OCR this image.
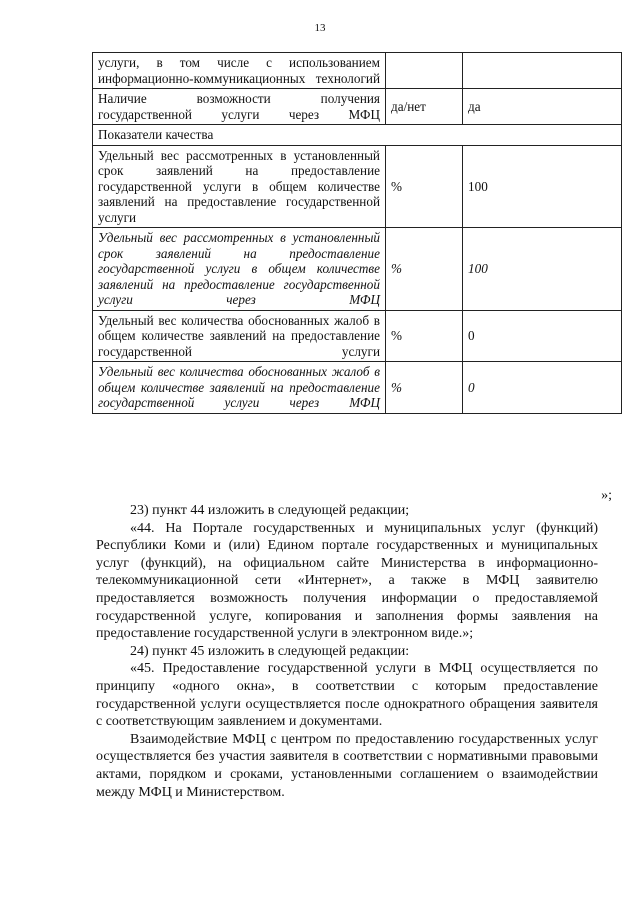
13
услуги, в том числе с использованием информационно-коммуникационных технологий		
Наличие возможности получения государственной услуги через МФЦ	да/нет	да
Показатели качества		
Удельный вес рассмотренных в установленный срок заявлений на предоставление государственной услуги в общем количестве заявлений на предоставление государственной услуги	%	100
Удельный вес рассмотренных в установленный срок заявлений на предоставление государственной услуги в общем количестве заявлений на предоставление государственной услуги через МФЦ	%	100
Удельный вес количества обоснованных жалоб в общем количестве заявлений на предоставление государственной услуги	%	0
Удельный вес количества обоснованных жалоб в общем количестве заявлений на предоставление государственной услуги через МФЦ	%	0
»;

23) пункт 44 изложить в следующей редакции;

«44. На Портале государственных и муниципальных услуг (функций) Республики Коми и (или) Едином портале государственных и муниципальных услуг (функций), на официальном сайте Министерства в информационно-телекоммуникационной сети «Интернет», а также в МФЦ заявителю предоставляется возможность получения информации о предоставляемой государственной услуге, копирования и заполнения формы заявления на предоставление государственной услуги в электронном виде.»;

24) пункт 45 изложить в следующей редакции:

«45. Предоставление государственной услуги в МФЦ осуществляется по принципу «одного окна», в соответствии с которым предоставление государственной услуги осуществляется после однократного обращения заявителя с соответствующим заявлением и документами.

Взаимодействие МФЦ с центром по предоставлению государственных услуг осуществляется без участия заявителя в соответствии с нормативными правовыми актами, порядком и сроками, установленными соглашением о взаимодействии между МФЦ и Министерством.
